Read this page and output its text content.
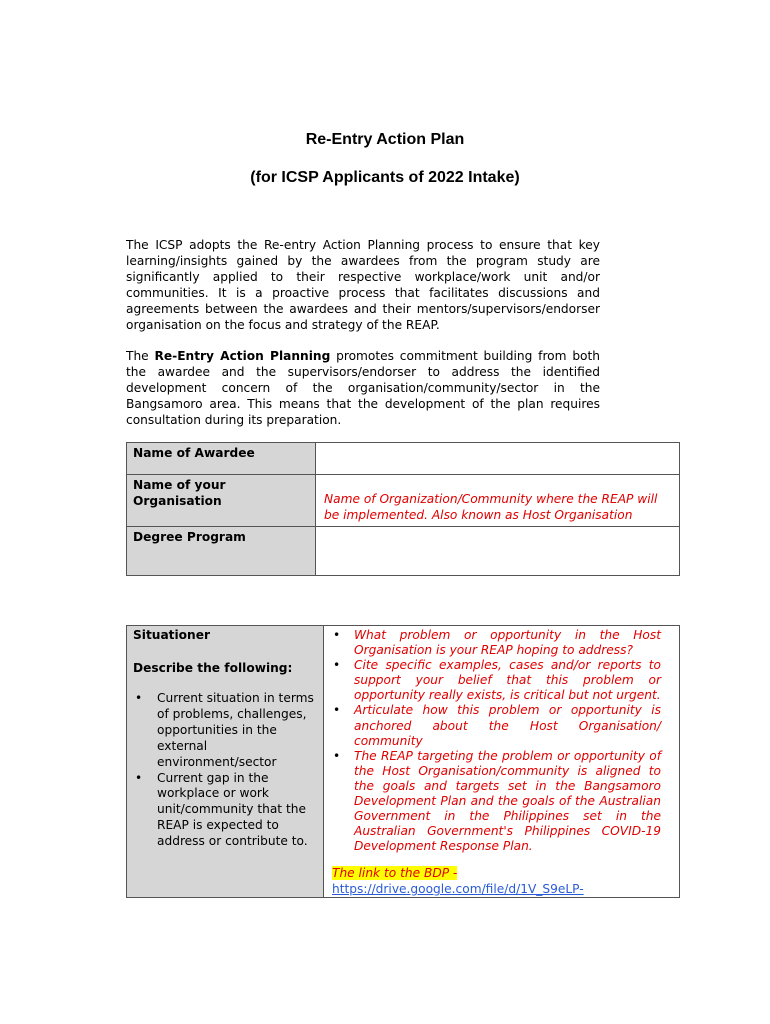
Re-Entry Action Plan
(for ICSP Applicants of 2022 Intake)
The ICSP adopts the Re-entry Action Planning process to ensure that key learning/insights gained by the awardees from the program study are significantly applied to their respective workplace/work unit and/or communities. It is a proactive process that facilitates discussions and agreements between the awardees and their mentors/supervisors/endorser organisation on the focus and strategy of the REAP.
The Re-Entry Action Planning promotes commitment building from both the awardee and the supervisors/endorser to address the identified development concern of the organisation/community/sector in the Bangsamoro area. This means that the development of the plan requires consultation during its preparation.
Name of Awardee	
Name of your Organisation	Name of Organization/Community where the REAP will be implemented. Also known as Host Organisation

Degree Program	
Situationer
Describe the following:
• Current situation in terms of problems, challenges, opportunities in the external environment/sector
• Current gap in the workplace or work unit/community that the REAP is expected to address or contribute to.

• What problem or opportunity in the Host Organisation is your REAP hoping to address?
• Cite specific examples, cases and/or reports to support your belief that this problem or opportunity really exists, is critical but not urgent.
• Articulate how this problem or opportunity is anchored about the Host Organisation/ community
• The REAP targeting the problem or opportunity of the Host Organisation/community is aligned to the goals and targets set in the Bangsamoro Development Plan and the goals of the Australian Government in the Philippines set in the Australian Government's Philippines COVID-19 Development Response Plan.
The link to the BDP -
https://drive.google.com/file/d/1V_S9eLP-
